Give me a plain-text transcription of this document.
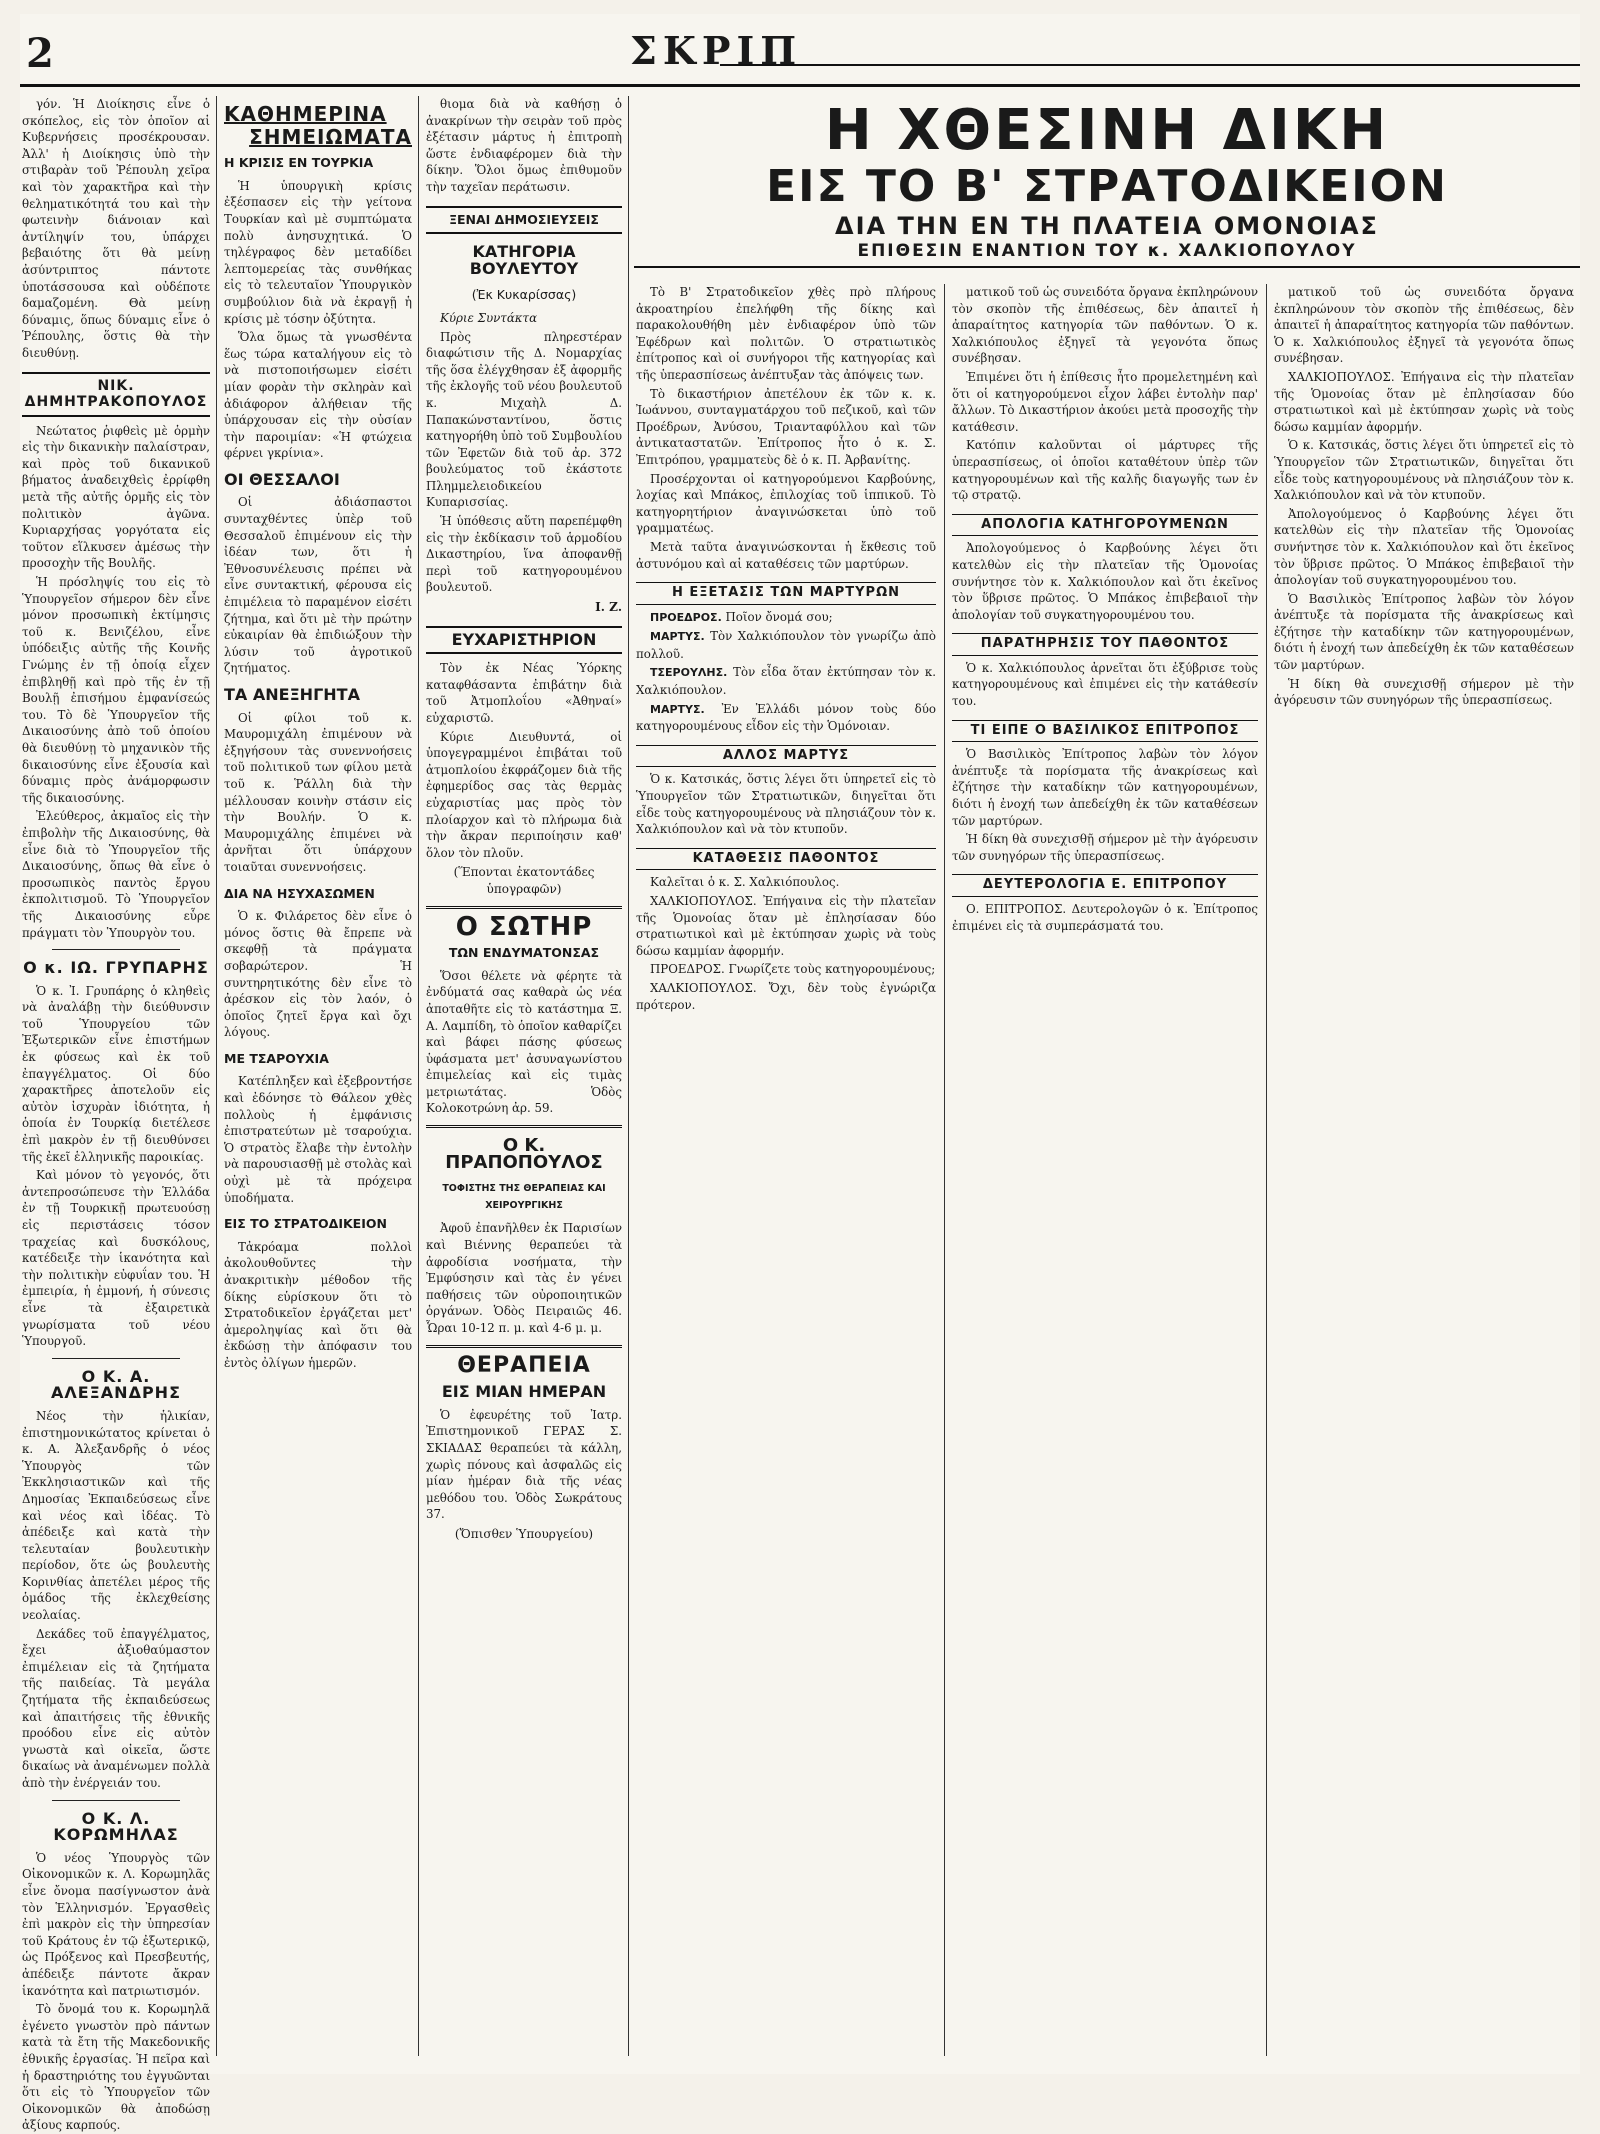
2	ΣΚΡΙΠ

γόν. Ἡ Διοίκησις εἶνε ὁ σκόπελος, εἰς τὸν ὁποῖον αἱ Κυβερνήσεις προσέκρουσαν. Ἀλλ' ἡ Διοίκησις ὑπὸ τὴν στιβαρὰν τοῦ Ῥέπουλη χεῖρα καὶ τὸν χαρακτῆρα καὶ τὴν θεληματικότητά του καὶ τὴν φωτεινὴν διάνοιαν καὶ ἀντίληψίν του, ὑπάρχει βεβαιότης ὅτι θὰ μείνῃ ἀσύντριπτος πάντοτε ὑποτάσσουσα καὶ οὐδέποτε δαμαζομένη. Θὰ μείνῃ δύναμις, ὅπως δύναμις εἶνε ὁ Ῥέπουλης, ὅστις θὰ τὴν διευθύνῃ.

ΝΙΚ. ΔΗΜΗΤΡΑΚΟΠΟΥΛΟΣ

Νεώτατος ῥιφθεὶς μὲ ὁρμὴν εἰς τὴν δικανικὴν παλαίστραν, καὶ πρὸς τοῦ δικανικοῦ βήματος ἀναδειχθεὶς ἐρρίφθη μετὰ τῆς αὐτῆς ὁρμῆς εἰς τὸν πολιτικὸν ἀγῶνα. Κυριαρχήσας γοργότατα εἰς τοῦτον εἵλκυσεν ἀμέσως τὴν προσοχὴν τῆς Βουλῆς.

Ἡ πρόσληψίς του εἰς τὸ Ὑπουργεῖον σήμερον δὲν εἶνε μόνον προσωπικὴ ἐκτίμησις τοῦ κ. Βενιζέλου, εἶνε ὑπόδειξις αὐτῆς τῆς Κοινῆς Γνώμης ἐν τῇ ὁποίᾳ εἶχεν ἐπιβληθῇ καὶ πρὸ τῆς ἐν τῇ Βουλῇ ἐπισήμου ἐμφανίσεώς του. Τὸ δὲ Ὑπουργεῖον τῆς Δικαιοσύνης ἀπὸ τοῦ ὁποίου θὰ διευθύνῃ τὸ μηχανικὸν τῆς δικαιοσύνης εἶνε ἐξουσία καὶ δύναμις πρὸς ἀνάμορφωσιν τῆς δικαιοσύνης.

Ἐλεύθερος, ἀκμαῖος εἰς τὴν ἐπιβολὴν τῆς Δικαιοσύνης, θὰ εἶνε διὰ τὸ Ὑπουργεῖον τῆς Δικαιοσύνης, ὅπως θὰ εἶνε ὁ προσωπικὸς παντὸς ἔργου ἐκπολιτισμοῦ. Τὸ Ὑπουργεῖον τῆς Δικαιοσύνης εὗρε πράγματι τὸν Ὑπουργὸν του.

Ο κ. ΙΩ. ΓΡΥΠΑΡΗΣ

Ὁ κ. Ἰ. Γρυπάρης ὁ κληθεὶς νὰ ἀναλάβῃ τὴν διεύθυνσιν τοῦ Ὑπουργείου τῶν Ἐξωτερικῶν εἶνε ἐπιστήμων ἐκ φύσεως καὶ ἐκ τοῦ ἐπαγγέλματος. Οἱ δύο χαρακτῆρες ἀποτελοῦν εἰς αὐτὸν ἰσχυρὰν ἰδιότητα, ἡ ὁποία ἐν Τουρκίᾳ διετέλεσε ἐπὶ μακρὸν ἐν τῇ διευθύνσει τῆς ἐκεῖ ἑλληνικῆς παροικίας.

Καὶ μόνον τὸ γεγονός, ὅτι ἀντεπροσώπευσε τὴν Ἑλλάδα ἐν τῇ Τουρκικῇ πρωτευούσῃ εἰς περιστάσεις τόσον τραχείας καὶ δυσκόλους, κατέδειξε τὴν ἱκανότητα καὶ τὴν πολιτικὴν εὐφυΐαν του. Ἡ ἐμπειρία, ἡ ἐμμονή, ἡ σύνεσις εἶνε τὰ ἐξαιρετικὰ γνωρίσματα τοῦ νέου Ὑπουργοῦ.

Ο Κ. Α. ΑΛΕΞΑΝΔΡΗΣ

Νέος τὴν ἡλικίαν, ἐπιστημονικώτατος κρίνεται ὁ κ. Α. Ἀλεξανδρῆς ὁ νέος Ὑπουργὸς τῶν Ἐκκλησιαστικῶν καὶ τῆς Δημοσίας Ἐκπαιδεύσεως εἶνε καὶ νέος καὶ ἰδέας. Τὸ ἀπέδειξε καὶ κατὰ τὴν τελευταίαν βουλευτικὴν περίοδον, ὅτε ὡς βουλευτὴς Κορινθίας ἀπετέλει μέρος τῆς ὁμάδος τῆς ἐκλεχθείσης νεολαίας.

Δεκάδες τοῦ ἐπαγγέλματος, ἔχει ἀξιοθαύμαστον ἐπιμέλειαν εἰς τὰ ζητήματα τῆς παιδείας. Τὰ μεγάλα ζητήματα τῆς ἐκπαιδεύσεως καὶ ἀπαιτήσεις τῆς ἐθνικῆς προόδου εἶνε εἰς αὐτὸν γνωστὰ καὶ οἰκεῖα, ὥστε δικαίως νὰ ἀναμένωμεν πολλὰ ἀπὸ τὴν ἐνέργειάν του.

Ο Κ. Λ. ΚΟΡΩΜΗΛΑΣ

Ὁ νέος Ὑπουργὸς τῶν Οἰκονομικῶν κ. Λ. Κορωμηλᾶς εἶνε ὄνομα πασίγνωστον ἀνὰ τὸν Ἑλληνισμόν. Ἐργασθεὶς ἐπὶ μακρὸν εἰς τὴν ὑπηρεσίαν τοῦ Κράτους ἐν τῷ ἐξωτερικῷ, ὡς Πρόξενος καὶ Πρεσβευτής, ἀπέδειξε πάντοτε ἄκραν ἱκανότητα καὶ πατριωτισμόν.

Τὸ ὄνομά του κ. Κορωμηλᾶ ἐγένετο γνωστὸν πρὸ πάντων κατὰ τὰ ἔτη τῆς Μακεδονικῆς ἐθνικῆς ἐργασίας. Ἡ πεῖρα καὶ ἡ δραστηριότης του ἐγγυῶνται ὅτι εἰς τὸ Ὑπουργεῖον τῶν Οἰκονομικῶν θὰ ἀποδώσῃ ἀξίους καρπούς.

ΚΑΘΗΜΕΡΙΝΑ
ΣΗΜΕΙΩΜΑΤΑ
Η ΚΡΙΣΙΣ ΕΝ ΤΟΥΡΚΙΑ

Ἡ ὑπουργικὴ κρίσις ἐξέσπασεν εἰς τὴν γείτονα Τουρκίαν καὶ μὲ συμπτώματα πολὺ ἀνησυχητικά. Ὁ τηλέγραφος δὲν μεταδίδει λεπτομερείας τὰς συνθήκας εἰς τὸ τελευταῖον Ὑπουργικὸν συμβούλιον διὰ νὰ ἐκραγῇ ἡ κρίσις μὲ τόσην ὀξύτητα.

Ὅλα ὅμως τὰ γνωσθέντα ἕως τώρα καταλήγουν εἰς τὸ νὰ πιστοποιήσωμεν εἰσέτι μίαν φορὰν τὴν σκληρὰν καὶ ἀδιάφορον ἀλήθειαν τῆς ὑπάρχουσαν εἰς τὴν οὐσίαν τὴν παροιμίαν: «Ἡ φτώχεια φέρνει γκρίνια».

ΟΙ ΘΕΣΣΑΛΟΙ

Οἱ ἀδιάσπαστοι συνταχθέντες ὑπὲρ τοῦ Θεσσαλοῦ ἐπιμένουν εἰς τὴν ἰδέαν των, ὅτι ἡ Ἐθνοσυνέλευσις πρέπει νὰ εἶνε συντακτική, φέρουσα εἰς ἐπιμέλεια τὸ παραμένον εἰσέτι ζήτημα, καὶ ὅτι μὲ τὴν πρώτην εὐκαιρίαν θὰ ἐπιδιώξουν τὴν λύσιν τοῦ ἀγροτικοῦ ζητήματος.

ΤΑ ΑΝΕΞΗΓΗΤΑ

Οἱ φίλοι τοῦ κ. Μαυρομιχάλη ἐπιμένουν νὰ ἐξηγήσουν τὰς συνεννοήσεις τοῦ πολιτικοῦ των φίλου μετὰ τοῦ κ. Ῥάλλη διὰ τὴν μέλλουσαν κοινὴν στάσιν εἰς τὴν Βουλήν. Ὁ κ. Μαυρομιχάλης ἐπιμένει νὰ ἀρνῆται ὅτι ὑπάρχουν τοιαῦται συνεννοήσεις.

ΔΙΑ ΝΑ ΗΣΥΧΑΣΩΜΕΝ

Ὁ κ. Φιλάρετος δὲν εἶνε ὁ μόνος ὅστις θὰ ἔπρεπε νὰ σκεφθῇ τὰ πράγματα σοβαρώτερον. Ἡ συντηρητικότης δὲν εἶνε τὸ ἀρέσκον εἰς τὸν λαόν, ὁ ὁποῖος ζητεῖ ἔργα καὶ ὄχι λόγους.

ΜΕ ΤΣΑΡΟΥΧΙΑ

Κατέπληξεν καὶ ἐξεβροντήσε καὶ ἐδόνησε τὸ Θάλεον χθὲς πολλοὺς ἡ ἐμφάνισις ἐπιστρατεύτων μὲ τσαρούχια. Ὁ στρατὸς ἔλαβε τὴν ἐντολὴν νὰ παρουσιασθῇ μὲ στολὰς καὶ οὐχὶ μὲ τὰ πρόχειρα ὑποδήματα.

ΕΙΣ ΤΟ ΣΤΡΑΤΟΔΙΚΕΙΟΝ

Τἀκρόαμα πολλοὶ ἀκολουθοῦντες τὴν ἀνακριτικὴν μέθοδον τῆς δίκης εὑρίσκουν ὅτι τὸ Στρατοδικεῖον ἐργάζεται μετ' ἀμεροληψίας καὶ ὅτι θὰ ἐκδώσῃ τὴν ἀπόφασιν του ἐντὸς ὀλίγων ἡμερῶν.

θιομα διὰ νὰ καθήσῃ ὁ ἀνακρίνων τὴν σειρὰν τοῦ πρὸς ἐξέτασιν μάρτυς ἡ ἐπιτροπὴ ὥστε ἐνδιαφέρομεν διὰ τὴν δίκην. Ὅλοι ὅμως ἐπιθυμοῦν τὴν ταχεῖαν περάτωσιν.

ΞΕΝΑΙ ΔΗΜΟΣΙΕΥΣΕΙΣ
ΚΑΤΗΓΟΡΙΑ ΒΟΥΛΕΥΤΟΥ
(Ἐκ Κυκαρίσσας)

Κύριε Συντάκτα

Πρὸς πληρεστέραν διαφώτισιν τῆς Δ. Νομαρχίας τῆς ὅσα ἐλέγχθησαν ἐξ ἀφορμῆς τῆς ἐκλογῆς τοῦ νέου βουλευτοῦ κ. Μιχαὴλ Δ. Παπακώνσταντίνου, ὅστις κατηγορήθη ὑπὸ τοῦ Συμβουλίου τῶν Ἐφετῶν διὰ τοῦ ἀρ. 372 βουλεύματος τοῦ ἐκάστοτε Πλημμελειοδικείου Κυπαρισσίας.

Ἡ ὑπόθεσις αὕτη παρεπέμφθη εἰς τὴν ἐκδίκασιν τοῦ ἁρμοδίου Δικαστηρίου, ἵνα ἀποφανθῇ περὶ τοῦ κατηγορουμένου βουλευτοῦ.

Ι. Ζ.
ΕΥΧΑΡΙΣΤΗΡΙΟΝ

Τὸν ἐκ Νέας Ὑόρκης καταφθάσαντα ἐπιβάτην διὰ τοῦ Ἀτμοπλοΐου «Ἀθηναί» εὐχαριστῶ.

Κύριε Διευθυντά, οἱ ὑπογεγραμμένοι ἐπιβάται τοῦ ἀτμοπλοίου ἐκφράζομεν διὰ τῆς ἐφημερίδος σας τὰς θερμὰς εὐχαριστίας μας πρὸς τὸν πλοίαρχον καὶ τὸ πλήρωμα διὰ τὴν ἄκραν περιποίησιν καθ' ὅλον τὸν πλοῦν.

(Ἕπονται ἐκατοντάδες ὑπογραφῶν)
Ο ΣΩΤΗΡ
ΤΩΝ ΕΝΔΥΜΑΤΟΝΣΑΣ

Ὅσοι θέλετε νὰ φέρητε τὰ ἐνδύματά σας καθαρὰ ὡς νέα ἀποταθῆτε εἰς τὸ κατάστημα Ξ. Α. Λαμπίδη, τὸ ὁποῖον καθαρίζει καὶ βάφει πάσης φύσεως ὑφάσματα μετ' ἀσυναγωνίστου ἐπιμελείας καὶ εἰς τιμὰς μετριωτάτας. Ὁδὸς Κολοκοτρώνη ἀρ. 59.

Ο Κ. ΠΡΑΠΟΠΟΥΛΟΣ
ΤΟΦΙΣΤΗΣ ΤΗΣ ΘΕΡΑΠΕΙΑΣ ΚΑΙ ΧΕΙΡΟΥΡΓΙΚΗΣ

Ἀφοῦ ἐπανῆλθεν ἐκ Παρισίων καὶ Βιέννης θεραπεύει τὰ ἀφροδίσια νοσήματα, τὴν Ἐμφύσησιν καὶ τὰς ἐν γένει παθήσεις τῶν οὐροποιητικῶν ὀργάνων. Ὁδὸς Πειραιῶς 46. Ὧραι 10-12 π. μ. καὶ 4-6 μ. μ.

ΘΕΡΑΠΕΙΑ
ΕΙΣ ΜΙΑΝ ΗΜΕΡΑΝ

Ὁ ἐφευρέτης τοῦ Ἰατρ. Ἐπιστημονικοῦ ΓΕΡΑΣ Σ. ΣΚΙΑΔΑΣ θεραπεύει τὰ κάλλη, χωρὶς πόνους καὶ ἀσφαλῶς εἰς μίαν ἡμέραν διὰ τῆς νέας μεθόδου του. Ὁδὸς Σωκράτους 37.

(Ὄπισθεν Ὑπουργείου)
Η ΧΘΕΣΙΝΗ ΔΙΚΗ
ΕΙΣ ΤΟ Β' ΣΤΡΑΤΟΔΙΚΕΙΟΝ
ΔΙΑ ΤΗΝ ΕΝ ΤΗ ΠΛΑΤΕΙΑ ΟΜΟΝΟΙΑΣ
ΕΠΙΘΕΣΙΝ ΕΝΑΝΤΙΟΝ ΤΟΥ κ. ΧΑΛΚΙΟΠΟΥΛΟΥ

Τὸ Β' Στρατοδικεῖον χθὲς πρὸ πλήρους ἀκροατηρίου ἐπελήφθη τῆς δίκης καὶ παρακολουθήθη μὲν ἐνδιαφέρον ὑπὸ τῶν Ἐφέδρων καὶ πολιτῶν. Ὁ στρατιωτικὸς ἐπίτροπος καὶ οἱ συνήγοροι τῆς κατηγορίας καὶ τῆς ὑπερασπίσεως ἀνέπτυξαν τὰς ἀπόψεις των.

Τὸ δικαστήριον ἀπετέλουν ἐκ τῶν κ. κ. Ἰωάννου, συνταγματάρχου τοῦ πεζικοῦ, καὶ τῶν Προέδρων, Ἀνύσου, Τριανταφύλλου καὶ τῶν ἀντικαταστατῶν. Ἐπίτροπος ἦτο ὁ κ. Σ. Ἐπιτρόπου, γραμματεὺς δὲ ὁ κ. Π. Ἀρβανίτης.

Προσέρχονται οἱ κατηγορούμενοι Καρβούνης, λοχίας καὶ Μπάκος, ἐπιλοχίας τοῦ ἱππικοῦ. Τὸ κατηγορητήριον ἀναγινώσκεται ὑπὸ τοῦ γραμματέως.

Μετὰ ταῦτα ἀναγινώσκονται ἡ ἔκθεσις τοῦ ἀστυνόμου καὶ αἱ καταθέσεις τῶν μαρτύρων.

Η ΕΞΕΤΑΣΙΣ ΤΩΝ ΜΑΡΤΥΡΩΝ

ΠΡΟΕΔΡΟΣ. Ποῖον ὄνομά σου;

ΜΑΡΤΥΣ. Τὸν Χαλκιόπουλον τὸν γνωρίζω ἀπὸ πολλοῦ.

ΤΣΕΡΟΥΛΗΣ. Τὸν εἶδα ὅταν ἐκτύπησαν τὸν κ. Χαλκιόπουλον.

ΜΑΡΤΥΣ. Ἐν Ἑλλάδι μόνον τοὺς δύο κατηγορουμένους εἶδον εἰς τὴν Ὁμόνοιαν.

ΑΛΛΟΣ ΜΑΡΤΥΣ

Ὁ κ. Κατσικάς, ὅστις λέγει ὅτι ὑπηρετεῖ εἰς τὸ Ὑπουργεῖον τῶν Στρατιωτικῶν, διηγεῖται ὅτι εἶδε τοὺς κατηγορουμένους νὰ πλησιάζουν τὸν κ. Χαλκιόπουλον καὶ νὰ τὸν κτυποῦν.

ΚΑΤΑΘΕΣΙΣ ΠΑΘΟΝΤΟΣ

Καλεῖται ὁ κ. Σ. Χαλκιόπουλος.

ΧΑΛΚΙΟΠΟΥΛΟΣ. Ἐπήγαινα εἰς τὴν πλατεῖαν τῆς Ὁμονοίας ὅταν μὲ ἐπλησίασαν δύο στρατιωτικοὶ καὶ μὲ ἐκτύπησαν χωρὶς νὰ τοὺς δώσω καμμίαν ἀφορμήν.

ΠΡΟΕΔΡΟΣ. Γνωρίζετε τοὺς κατηγορουμένους;

ΧΑΛΚΙΟΠΟΥΛΟΣ. Ὄχι, δὲν τοὺς ἐγνώριζα πρότερον.

ματικοῦ τοῦ ὡς συνειδότα ὄργανα ἐκπληρώνουν τὸν σκοπὸν τῆς ἐπιθέσεως, δὲν ἀπαιτεῖ ἡ ἀπαραίτητος κατηγορία τῶν παθόντων. Ὁ κ. Χαλκιόπουλος ἐξηγεῖ τὰ γεγονότα ὅπως συνέβησαν.

Ἐπιμένει ὅτι ἡ ἐπίθεσις ἦτο προμελετημένη καὶ ὅτι οἱ κατηγορούμενοι εἶχον λάβει ἐντολὴν παρ' ἄλλων. Τὸ Δικαστήριον ἀκούει μετὰ προσοχῆς τὴν κατάθεσιν.

Κατόπιν καλοῦνται οἱ μάρτυρες τῆς ὑπερασπίσεως, οἱ ὁποῖοι καταθέτουν ὑπὲρ τῶν κατηγορουμένων καὶ τῆς καλῆς διαγωγῆς των ἐν τῷ στρατῷ.

ΑΠΟΛΟΓΙΑ ΚΑΤΗΓΟΡΟΥΜΕΝΩΝ

Ἀπολογούμενος ὁ Καρβούνης λέγει ὅτι κατελθὼν εἰς τὴν πλατεῖαν τῆς Ὁμονοίας συνήντησε τὸν κ. Χαλκιόπουλον καὶ ὅτι ἐκεῖνος τὸν ὕβρισε πρῶτος. Ὁ Μπάκος ἐπιβεβαιοῖ τὴν ἀπολογίαν τοῦ συγκατηγορουμένου του.

ΠΑΡΑΤΗΡΗΣΙΣ ΤΟΥ ΠΑΘΟΝΤΟΣ

Ὁ κ. Χαλκιόπουλος ἀρνεῖται ὅτι ἐξύβρισε τοὺς κατηγορουμένους καὶ ἐπιμένει εἰς τὴν κατάθεσίν του.

ΤΙ ΕΙΠΕ Ο ΒΑΣΙΛΙΚΟΣ ΕΠΙΤΡΟΠΟΣ

Ὁ Βασιλικὸς Ἐπίτροπος λαβὼν τὸν λόγον ἀνέπτυξε τὰ πορίσματα τῆς ἀνακρίσεως καὶ ἐζήτησε τὴν καταδίκην τῶν κατηγορουμένων, διότι ἡ ἐνοχή των ἀπεδείχθη ἐκ τῶν καταθέσεων τῶν μαρτύρων.

Ἡ δίκη θὰ συνεχισθῇ σήμερον μὲ τὴν ἀγόρευσιν τῶν συνηγόρων τῆς ὑπερασπίσεως.

ΔΕΥΤΕΡΟΛΟΓΙΑ Ε. ΕΠΙΤΡΟΠΟΥ

Ο. ΕΠΙΤΡΟΠΟΣ. Δευτερολογῶν ὁ κ. Ἐπίτροπος ἐπιμένει εἰς τὰ συμπεράσματά του.

ματικοῦ τοῦ ὡς συνειδότα ὄργανα ἐκπληρώνουν τὸν σκοπὸν τῆς ἐπιθέσεως, δὲν ἀπαιτεῖ ἡ ἀπαραίτητος κατηγορία τῶν παθόντων. Ὁ κ. Χαλκιόπουλος ἐξηγεῖ τὰ γεγονότα ὅπως συνέβησαν.

ΧΑΛΚΙΟΠΟΥΛΟΣ. Ἐπήγαινα εἰς τὴν πλατεῖαν τῆς Ὁμονοίας ὅταν μὲ ἐπλησίασαν δύο στρατιωτικοὶ καὶ μὲ ἐκτύπησαν χωρὶς νὰ τοὺς δώσω καμμίαν ἀφορμήν.

Ὁ κ. Κατσικάς, ὅστις λέγει ὅτι ὑπηρετεῖ εἰς τὸ Ὑπουργεῖον τῶν Στρατιωτικῶν, διηγεῖται ὅτι εἶδε τοὺς κατηγορουμένους νὰ πλησιάζουν τὸν κ. Χαλκιόπουλον καὶ νὰ τὸν κτυποῦν.

Ἀπολογούμενος ὁ Καρβούνης λέγει ὅτι κατελθὼν εἰς τὴν πλατεῖαν τῆς Ὁμονοίας συνήντησε τὸν κ. Χαλκιόπουλον καὶ ὅτι ἐκεῖνος τὸν ὕβρισε πρῶτος. Ὁ Μπάκος ἐπιβεβαιοῖ τὴν ἀπολογίαν τοῦ συγκατηγορουμένου του.

Ὁ Βασιλικὸς Ἐπίτροπος λαβὼν τὸν λόγον ἀνέπτυξε τὰ πορίσματα τῆς ἀνακρίσεως καὶ ἐζήτησε τὴν καταδίκην τῶν κατηγορουμένων, διότι ἡ ἐνοχή των ἀπεδείχθη ἐκ τῶν καταθέσεων τῶν μαρτύρων.

Ἡ δίκη θὰ συνεχισθῇ σήμερον μὲ τὴν ἀγόρευσιν τῶν συνηγόρων τῆς ὑπερασπίσεως.
